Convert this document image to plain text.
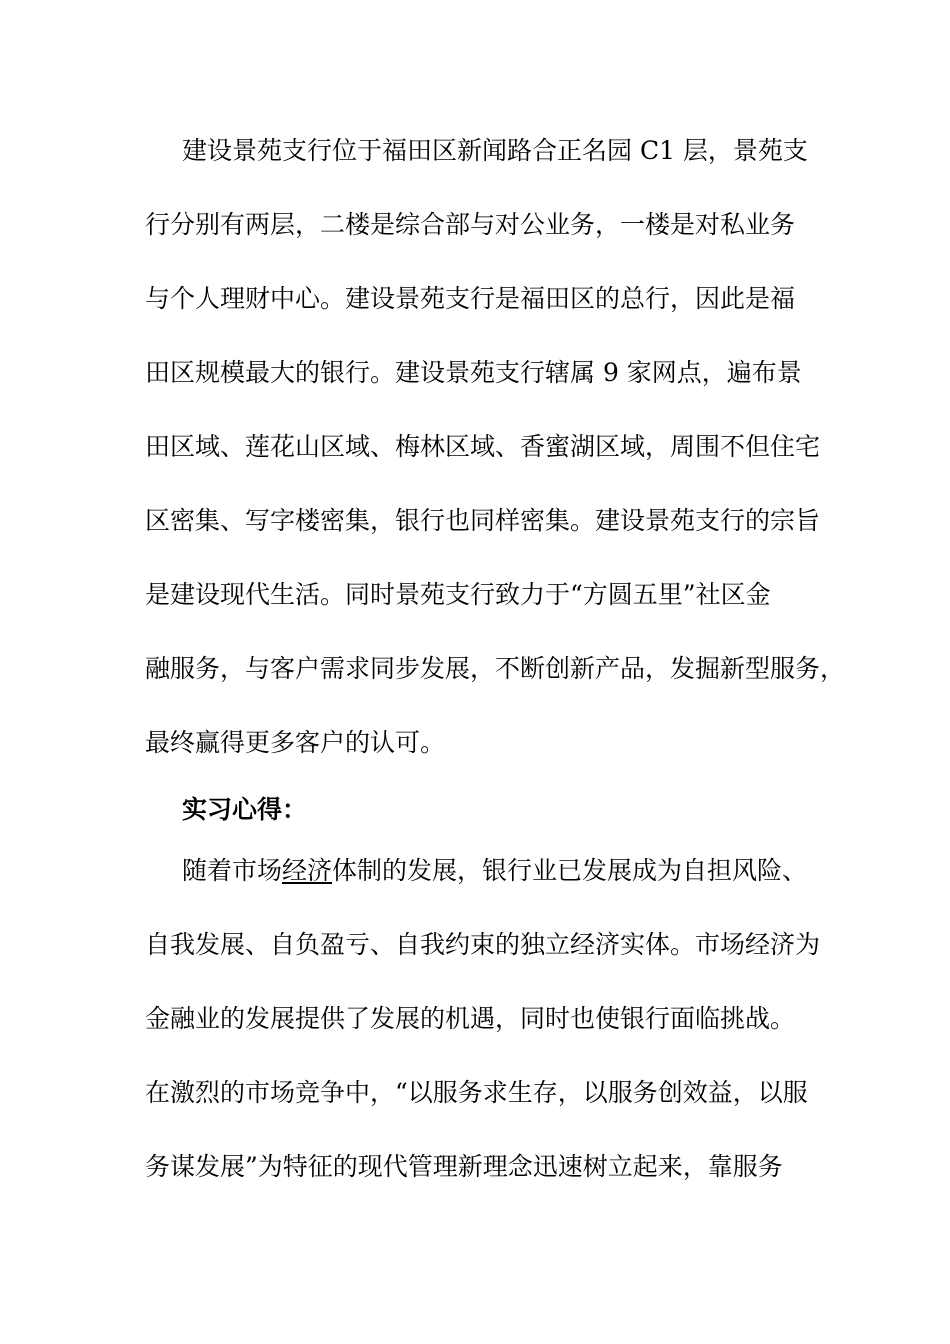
建设景苑支行位于福田区新闻路合正名园 C1 层，景苑支
行分别有两层，二楼是综合部与对公业务，一楼是对私业务
与个人理财中心。建设景苑支行是福田区的总行，因此是福
田区规模最大的银行。建设景苑支行辖属 9 家网点，遍布景
田区域、莲花山区域、梅林区域、香蜜湖区域，周围不但住宅
区密集、写字楼密集，银行也同样密集。建设景苑支行的宗旨
是建设现代生活。同时景苑支行致力于“方圆五里”社区金
融服务，与客户需求同步发展，不断创新产品，发掘新型服务，
最终赢得更多客户的认可。
实习心得：
随着市场经济体制的发展，银行业已发展成为自担风险、
自我发展、自负盈亏、自我约束的独立经济实体。市场经济为
金融业的发展提供了发展的机遇，同时也使银行面临挑战。
在激烈的市场竞争中，“以服务求生存，以服务创效益，以服
务谋发展”为特征的现代管理新理念迅速树立起来，靠服务
